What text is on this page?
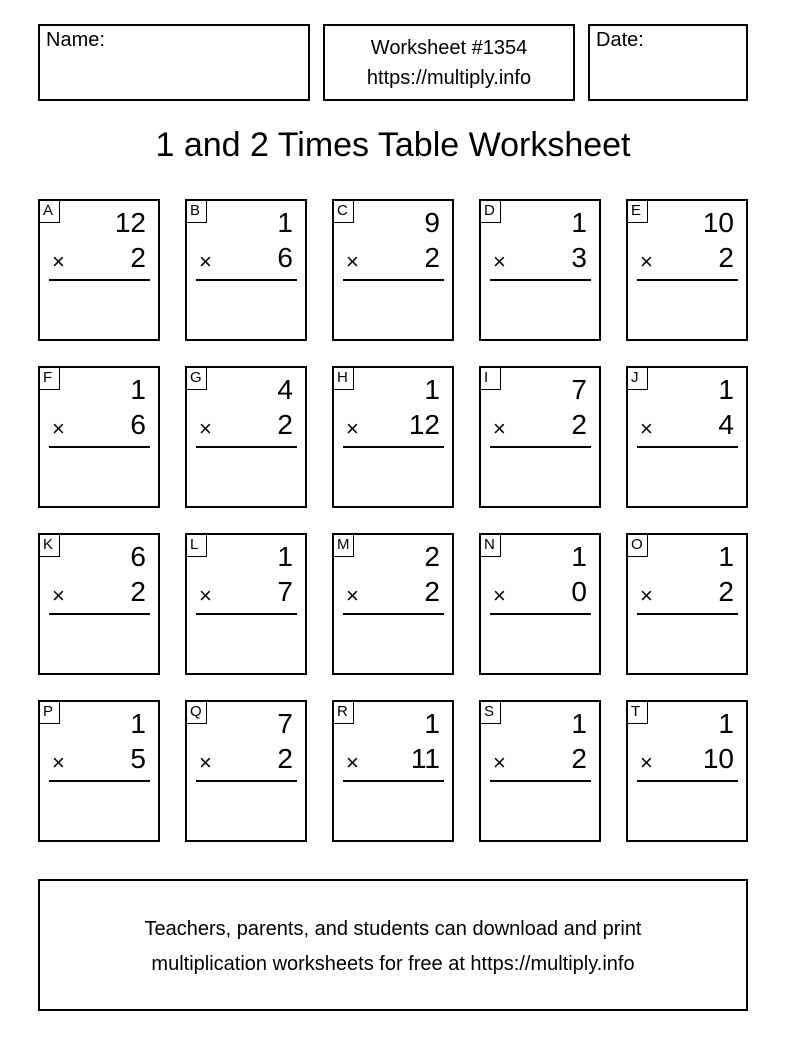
Name:	Worksheet #1354
https://multiply.info
Date:
1 and 2 Times Table Worksheet
A 12
× 2
B	1
× 6
C	9
× 2
D	1
× 3
E 10
× 2
F	1
× 6
G	4
× 2
H	1
× 12
I	7
× 2
J	1
× 4
K	6
× 2
L	1
× 7
M	2
× 2
N	1
× 0
O	1
× 2
P	1
× 5
Q	7
× 2
R	1
× 11
S	1
× 2
T	1
× 10
Teachers, parents, and students can download and print
multiplication worksheets for free at https://multiply.info
